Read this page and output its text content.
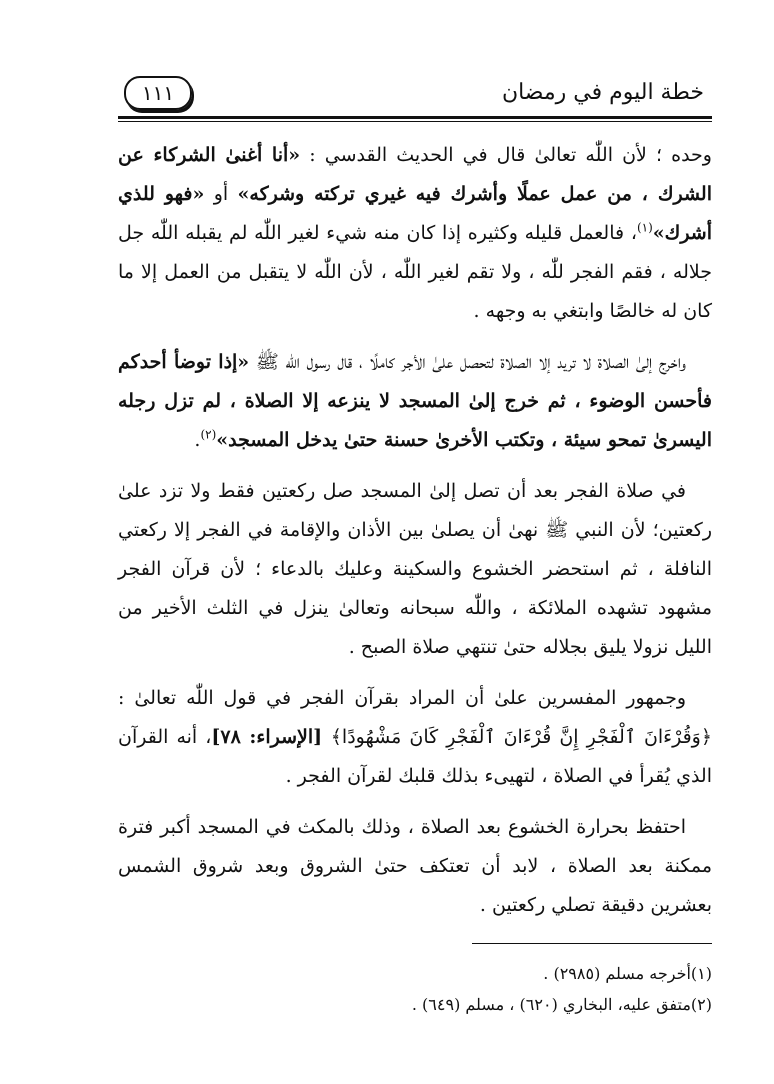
خطة اليوم في رمضان
١١١

وحده ؛ لأن اللّٰه تعالىٰ قال في الحديث القدسي : «أنا أغنىٰ الشركاء عن الشرك ، من عمل عملًا وأشرك فيه غيري تركته وشركه» أو «فهو للذي أشرك»$^{(١)}$، فالعمل قليله وكثيره إذا كان منه شيء لغير اللّٰه لم يقبله اللّٰه جل جلاله ، فقم الفجر للّٰه ، ولا تقم لغير اللّٰه ، لأن اللّٰه لا يتقبل من العمل إلا ما كان له خالصًا وابتغي به وجهه .

واخرج إلىٰ الصلاة لا تريد إلا الصلاة لتحصل علىٰ الأجر كاملًا ، قال رسول اللّٰه ﷺ «إذا توضأ أحدكم فأحسن الوضوء ، ثم خرج إلىٰ المسجد لا ينزعه إلا الصلاة ، لم تزل رجله اليسرىٰ تمحو سيئة ، وتكتب الأخرىٰ حسنة حتىٰ يدخل المسجد»$^{(٢)}$.

في صلاة الفجر بعد أن تصل إلىٰ المسجد صل ركعتين فقط ولا تزد علىٰ ركعتين؛ لأن النبي ﷺ نهىٰ أن يصلىٰ بين الأذان والإقامة في الفجر إلا ركعتي النافلة ، ثم استحضر الخشوع والسكينة وعليك بالدعاء ؛ لأن قرآن الفجر مشهود تشهده الملائكة ، واللّٰه سبحانه وتعالىٰ ينزل في الثلث الأخير من الليل نزولا يليق بجلاله حتىٰ تنتهي صلاة الصبح .

وجمهور المفسرين علىٰ أن المراد بقرآن الفجر في قول اللّٰه تعالىٰ : ﴿وَقُرْءَانَ ٱلْفَجْرِ إِنَّ قُرْءَانَ ٱلْفَجْرِ كَانَ مَشْهُودًا﴾ [الإسراء: ٧٨]، أنه القرآن الذي يُقرأ في الصلاة ، لتهيىء بذلك قلبك لقرآن الفجر .

احتفظ بحرارة الخشوع بعد الصلاة ، وذلك بالمكث في المسجد أكبر فترة ممكنة بعد الصلاة ، لابد أن تعتكف حتىٰ الشروق وبعد شروق الشمس بعشرين دقيقة تصلي ركعتين .

(١)أخرجه مسلم (٢٩٨٥) .

(٢)متفق عليه، البخاري (٦٢٠) ، مسلم (٦٤٩) .
